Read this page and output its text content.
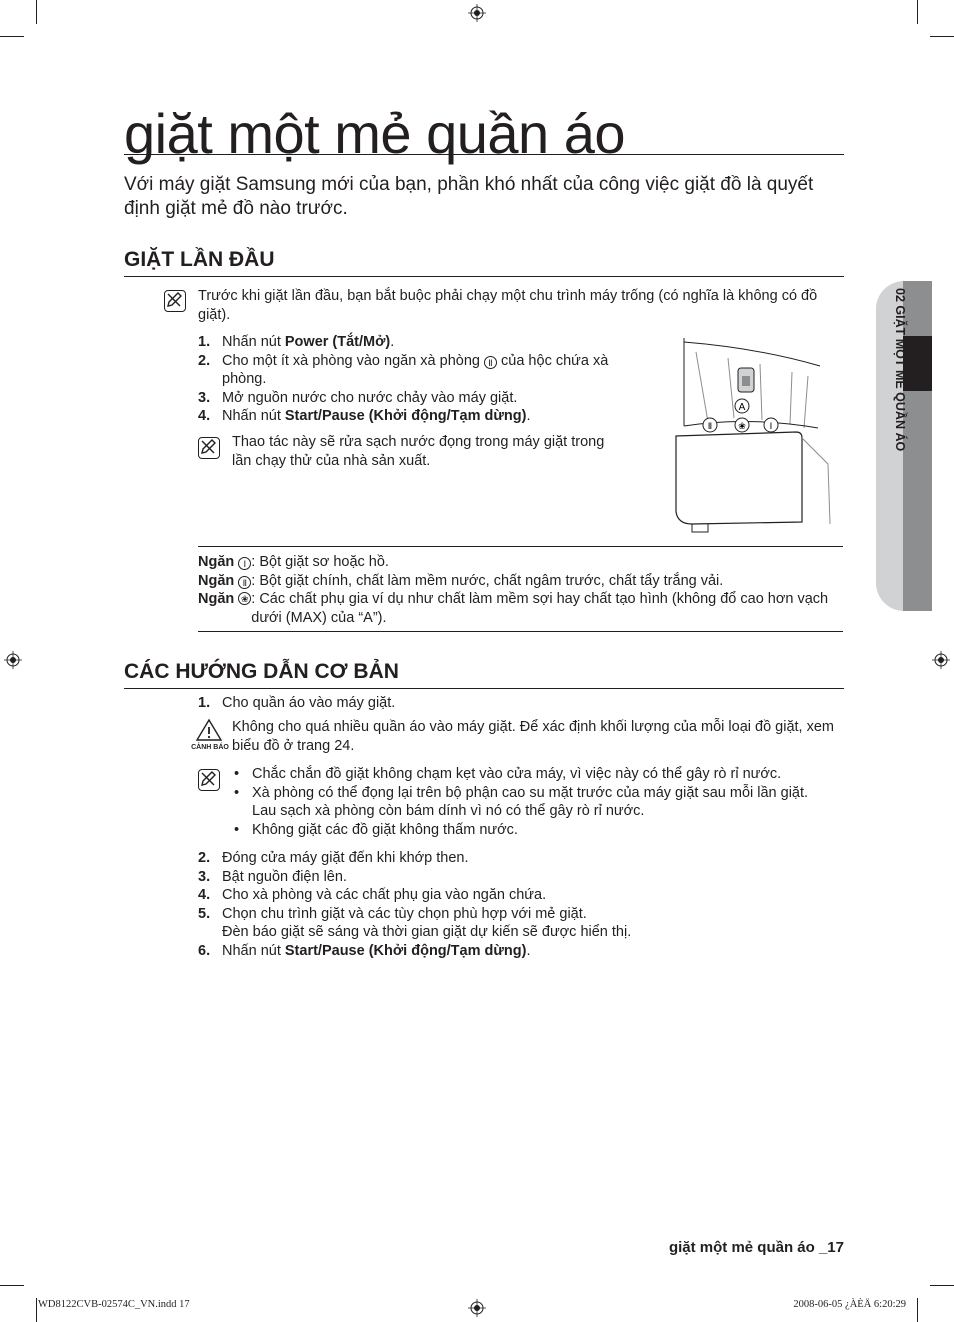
02 GIẶT MỘT MẺ QUẦN ÁO
giặt một mẻ quần áo
Với máy giặt Samsung mới của bạn, phần khó nhất của công việc giặt đồ là quyết định giặt mẻ đồ nào trước.
GIẶT LẦN ĐẦU
Trước khi giặt lần đầu, bạn bắt buộc phải chạy một chu trình máy trống (có nghĩa là không có đồ giặt).
1. Nhấn nút Power (Tắt/Mở).
2. Cho một ít xà phòng vào ngăn xà phòng Ⅱ của hộc chứa xà phòng.
3. Mở nguồn nước cho nước chảy vào máy giặt.
4. Nhấn nút Start/Pause (Khởi động/Tạm dừng).
Thao tác này sẽ rửa sạch nước đọng trong máy giặt trong lần chạy thử của nhà sản xuất.
A
Ⅱ	❀	Ⅰ
Ngăn Ⅰ : Bột giặt sơ hoặc hồ.
Ngăn Ⅱ : Bột giặt chính, chất làm mềm nước, chất ngâm trước, chất tẩy trắng vải.
Ngăn
❀ : Các chất phụ gia ví dụ như chất làm mềm sợi hay chất tạo hình (không đổ cao hơn vạch dưới (MAX) của “A”).
CÁC HƯỚNG DẪN CƠ BẢN
1. Cho quần áo vào máy giặt.
CẢNH BÁO
Không cho quá nhiều quần áo vào máy giặt. Để xác định khối lượng của mỗi loại đồ giặt, xem biểu đồ ở trang 24.
• Chắc chắn đồ giặt không chạm kẹt vào cửa máy, vì việc này có thể gây rò rỉ nước.
• Xà phòng có thể đọng lại trên bộ phận cao su mặt trước của máy giặt sau mỗi lần giặt. Lau sạch xà phòng còn bám dính vì nó có thể gây rò rỉ nước.
• Không giặt các đồ giặt không thấm nước.
2. Đóng cửa máy giặt đến khi khớp then.
3. Bật nguồn điện lên.
4. Cho xà phòng và các chất phụ gia vào ngăn chứa.
5. Chọn chu trình giặt và các tùy chọn phù hợp với mẻ giặt.
Đèn báo giặt sẽ sáng và thời gian giặt dự kiến sẽ được hiển thị.
6. Nhấn nút Start/Pause (Khởi động/Tạm dừng).
giặt một mẻ quần áo _17
WD8122CVB-02574C_VN.indd 17	2008-06-05 ¿ÀÈÄ 6:20:29
